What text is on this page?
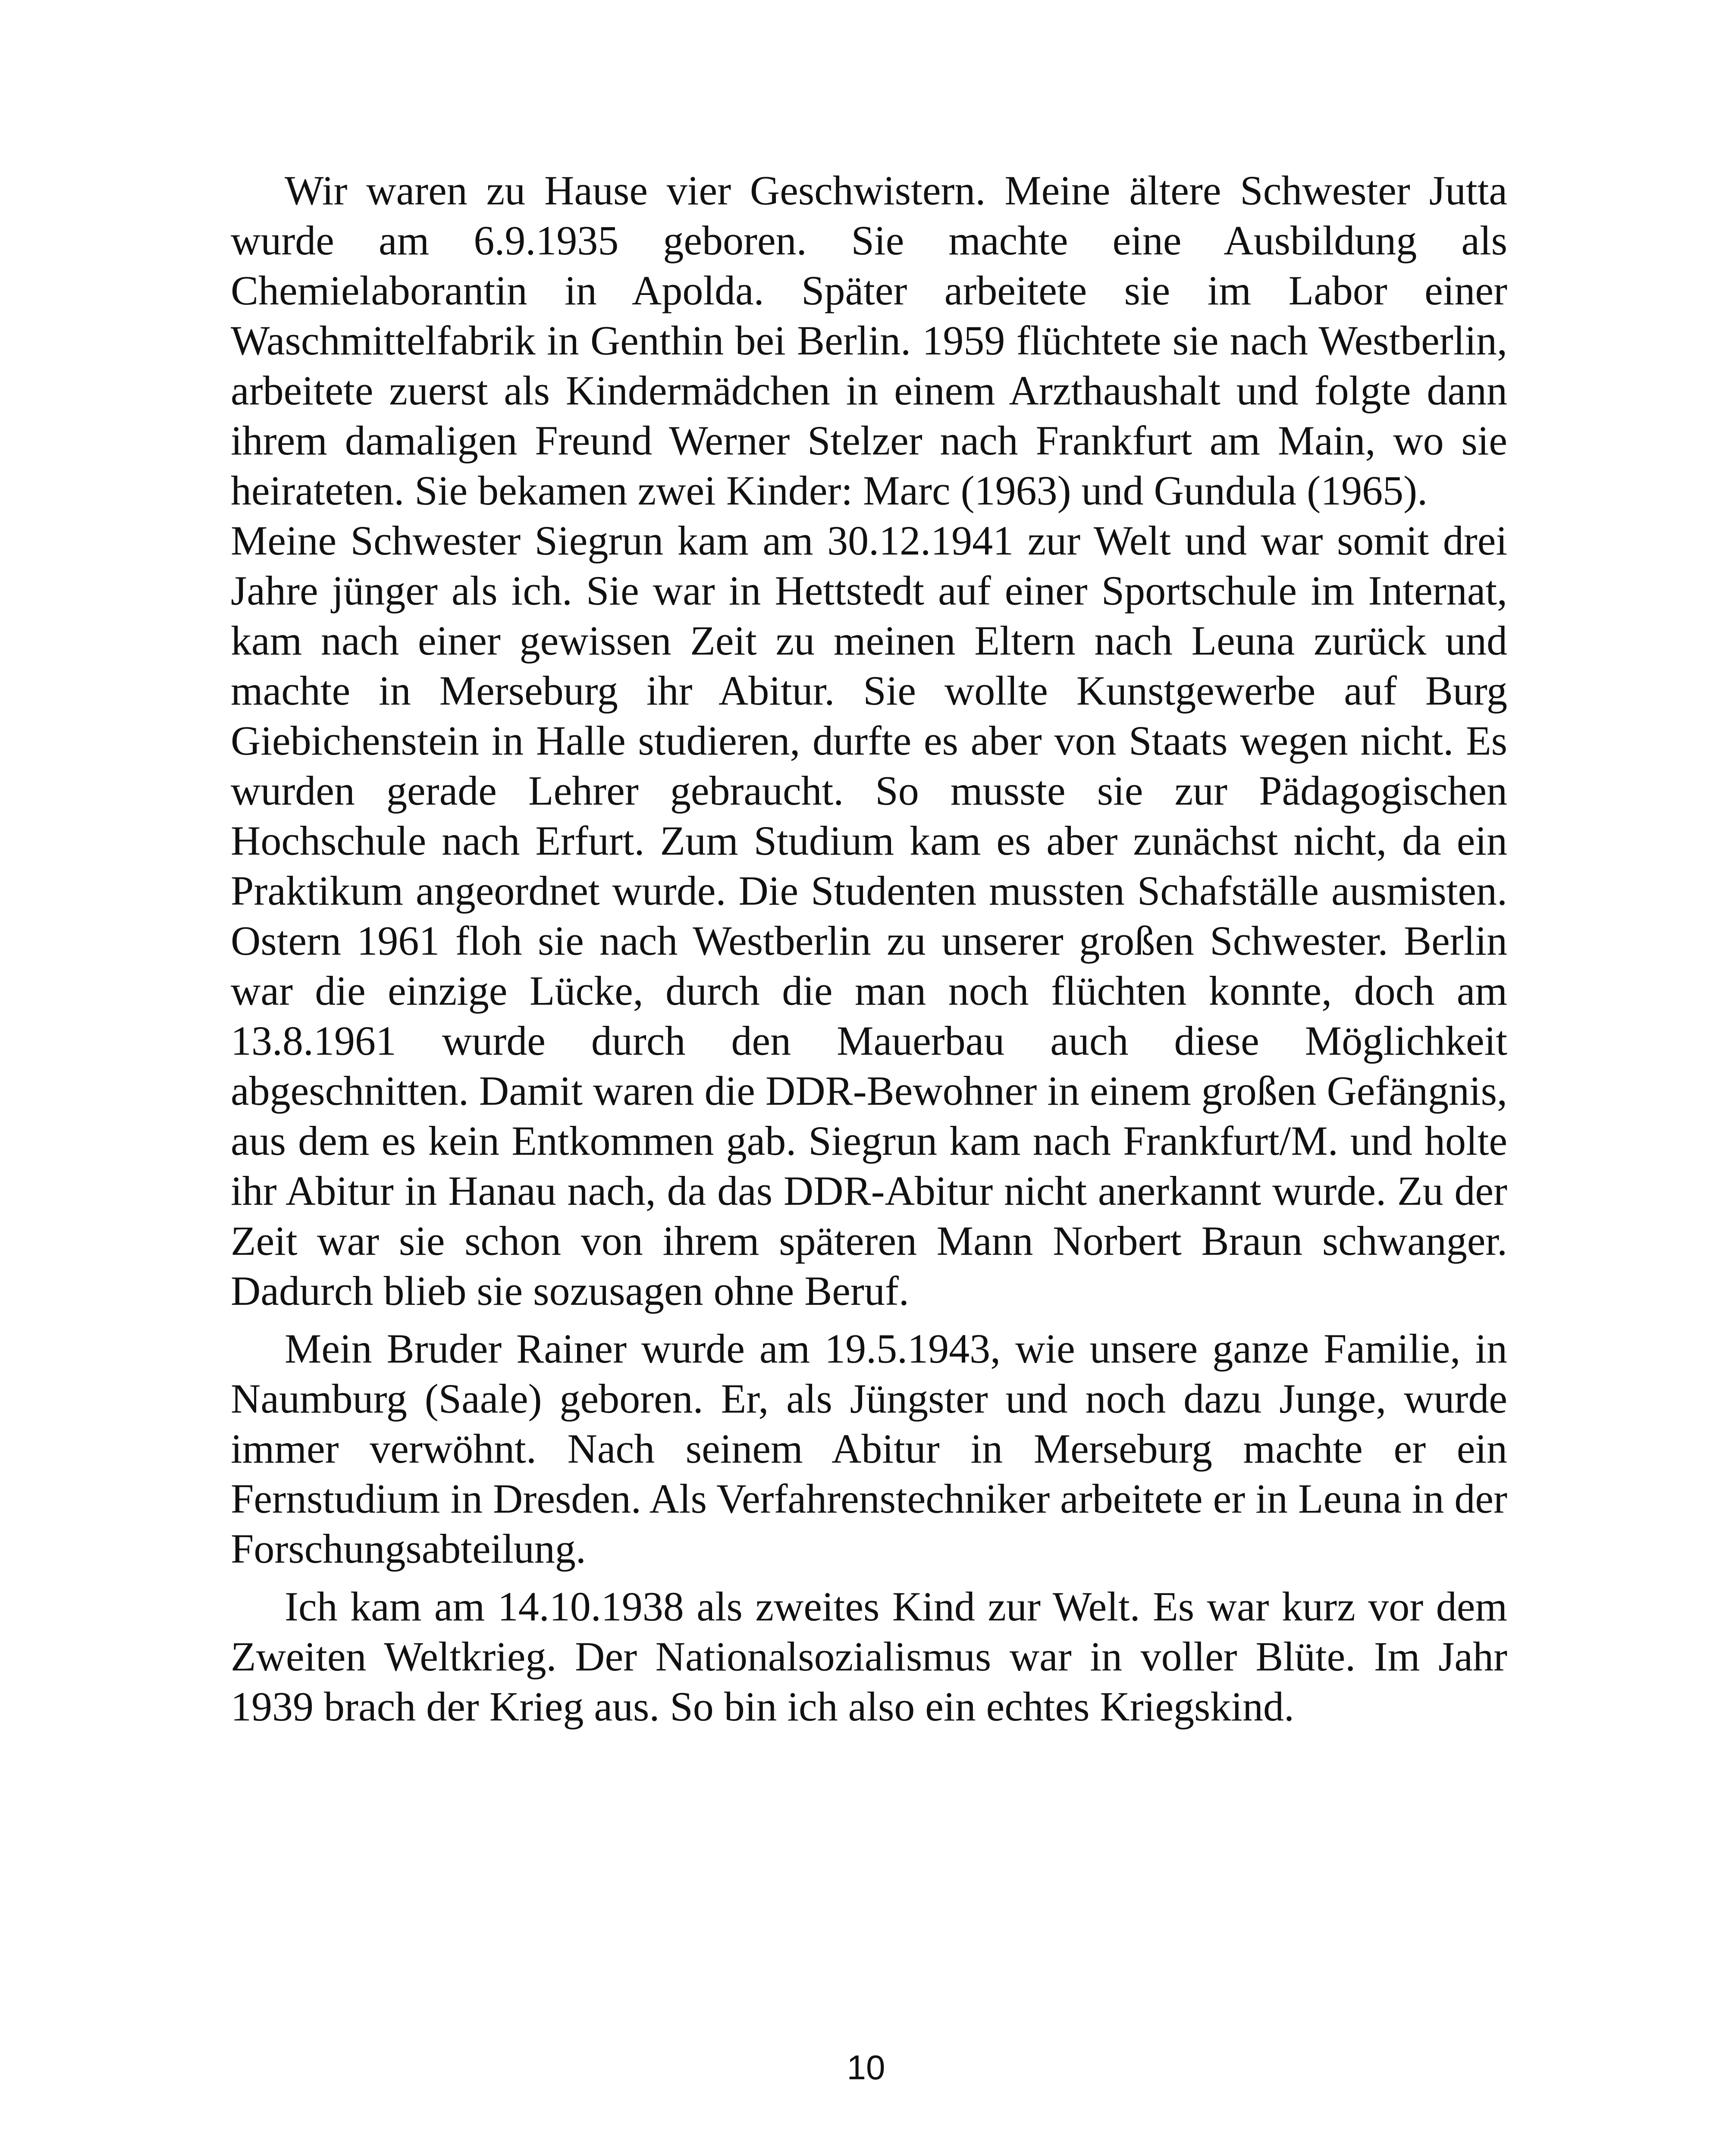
Wir waren zu Hause vier Geschwistern. Meine ältere Schwester Jutta wurde am 6.9.1935 geboren. Sie machte eine Ausbildung als Chemielaborantin in Apolda. Später arbeitete sie im Labor einer Waschmittelfabrik in Genthin bei Berlin. 1959 flüchtete sie nach Westberlin, arbeitete zuerst als Kindermädchen in einem Arzthaushalt und folgte dann ihrem damaligen Freund Werner Stelzer nach Frankfurt am Main, wo sie heirateten. Sie bekamen zwei Kinder: Marc (1963) und Gundula (1965).

Meine Schwester Siegrun kam am 30.12.1941 zur Welt und war somit drei Jahre jünger als ich. Sie war in Hettstedt auf einer Sportschule im Internat, kam nach einer gewissen Zeit zu meinen Eltern nach Leuna zurück und machte in Merseburg ihr Abitur. Sie wollte Kunstgewerbe auf Burg Giebichenstein in Halle studieren, durfte es aber von Staats wegen nicht. Es wurden gerade Lehrer gebraucht. So musste sie zur Pädagogischen Hochschule nach Erfurt. Zum Studium kam es aber zunächst nicht, da ein Praktikum angeordnet wurde. Die Studenten mussten Schafställe ausmisten. Ostern 1961 floh sie nach Westberlin zu unserer großen Schwester. Berlin war die einzige Lücke, durch die man noch flüchten konnte, doch am 13.8.1961 wurde durch den Mauerbau auch diese Möglichkeit abgeschnitten. Damit waren die DDR-Bewohner in einem großen Gefängnis, aus dem es kein Entkommen gab. Siegrun kam nach Frankfurt/M. und holte ihr Abitur in Hanau nach, da das DDR-Abitur nicht anerkannt wurde. Zu der Zeit war sie schon von ihrem späteren Mann Norbert Braun schwanger. Dadurch blieb sie sozusagen ohne Beruf.

Mein Bruder Rainer wurde am 19.5.1943, wie unsere ganze Familie, in Naumburg (Saale) geboren. Er, als Jüngster und noch dazu Junge, wurde immer verwöhnt. Nach seinem Abitur in Merseburg machte er ein Fernstudium in Dresden. Als Verfahrenstechniker arbeitete er in Leuna in der Forschungsabteilung.

Ich kam am 14.10.1938 als zweites Kind zur Welt. Es war kurz vor dem Zweiten Weltkrieg. Der Nationalsozialismus war in voller Blüte. Im Jahr 1939 brach der Krieg aus. So bin ich also ein echtes Kriegskind.

10
